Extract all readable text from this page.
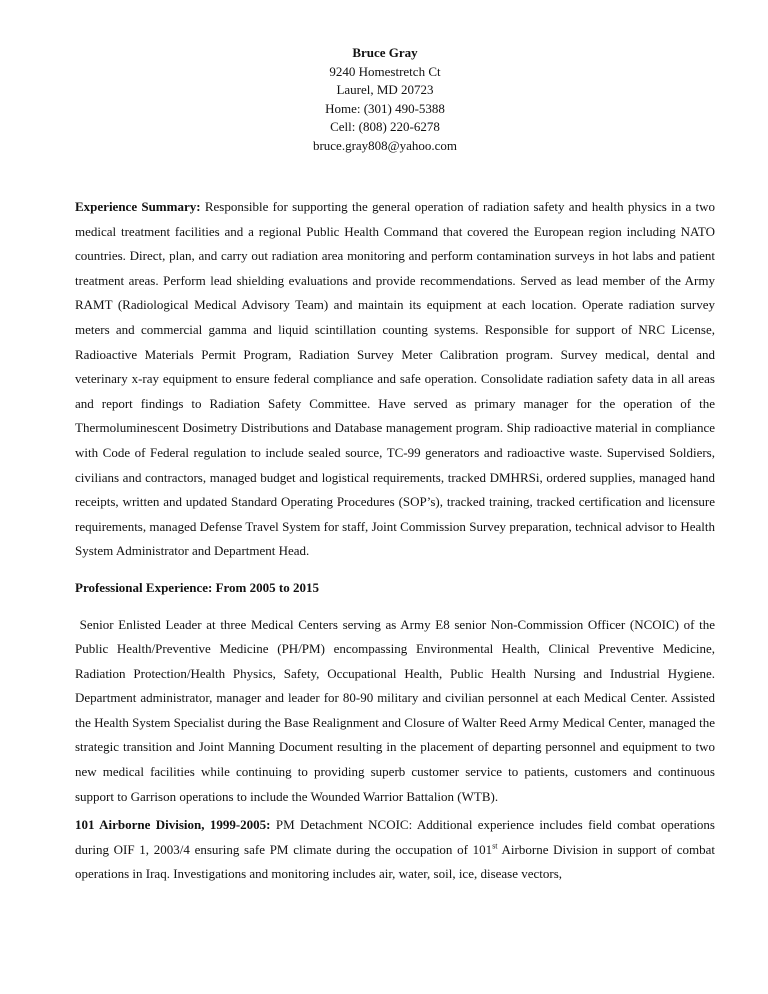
Bruce Gray
9240 Homestretch Ct
Laurel, MD 20723
Home: (301) 490-5388
Cell: (808) 220-6278
bruce.gray808@yahoo.com

Experience Summary: Responsible for supporting the general operation of radiation safety and health physics in a two medical treatment facilities and a regional Public Health Command that covered the European region including NATO countries. Direct, plan, and carry out radiation area monitoring and perform contamination surveys in hot labs and patient treatment areas. Perform lead shielding evaluations and provide recommendations. Served as lead member of the Army RAMT (Radiological Medical Advisory Team) and maintain its equipment at each location. Operate radiation survey meters and commercial gamma and liquid scintillation counting systems. Responsible for support of NRC License, Radioactive Materials Permit Program, Radiation Survey Meter Calibration program. Survey medical, dental and veterinary x-ray equipment to ensure federal compliance and safe operation. Consolidate radiation safety data in all areas and report findings to Radiation Safety Committee. Have served as primary manager for the operation of the Thermoluminescent Dosimetry Distributions and Database management program. Ship radioactive material in compliance with Code of Federal regulation to include sealed source, TC-99 generators and radioactive waste. Supervised Soldiers, civilians and contractors, managed budget and logistical requirements, tracked DMHRSi, ordered supplies, managed hand receipts, written and updated Standard Operating Procedures (SOP’s), tracked training, tracked certification and licensure requirements, managed Defense Travel System for staff, Joint Commission Survey preparation, technical advisor to Health System Administrator and Department Head.

Professional Experience: From 2005 to 2015

Senior Enlisted Leader at three Medical Centers serving as Army E8 senior Non-Commission Officer (NCOIC) of the Public Health/Preventive Medicine (PH/PM) encompassing Environmental Health, Clinical Preventive Medicine, Radiation Protection/Health Physics, Safety, Occupational Health, Public Health Nursing and Industrial Hygiene. Department administrator, manager and leader for 80-90 military and civilian personnel at each Medical Center. Assisted the Health System Specialist during the Base Realignment and Closure of Walter Reed Army Medical Center, managed the strategic transition and Joint Manning Document resulting in the placement of departing personnel and equipment to two new medical facilities while continuing to providing superb customer service to patients, customers and continuous support to Garrison operations to include the Wounded Warrior Battalion (WTB).

101 Airborne Division, 1999-2005: PM Detachment NCOIC: Additional experience includes field combat operations during OIF 1, 2003/4 ensuring safe PM climate during the occupation of 101st Airborne Division in support of combat operations in Iraq. Investigations and monitoring includes air, water, soil, ice, disease vectors,
